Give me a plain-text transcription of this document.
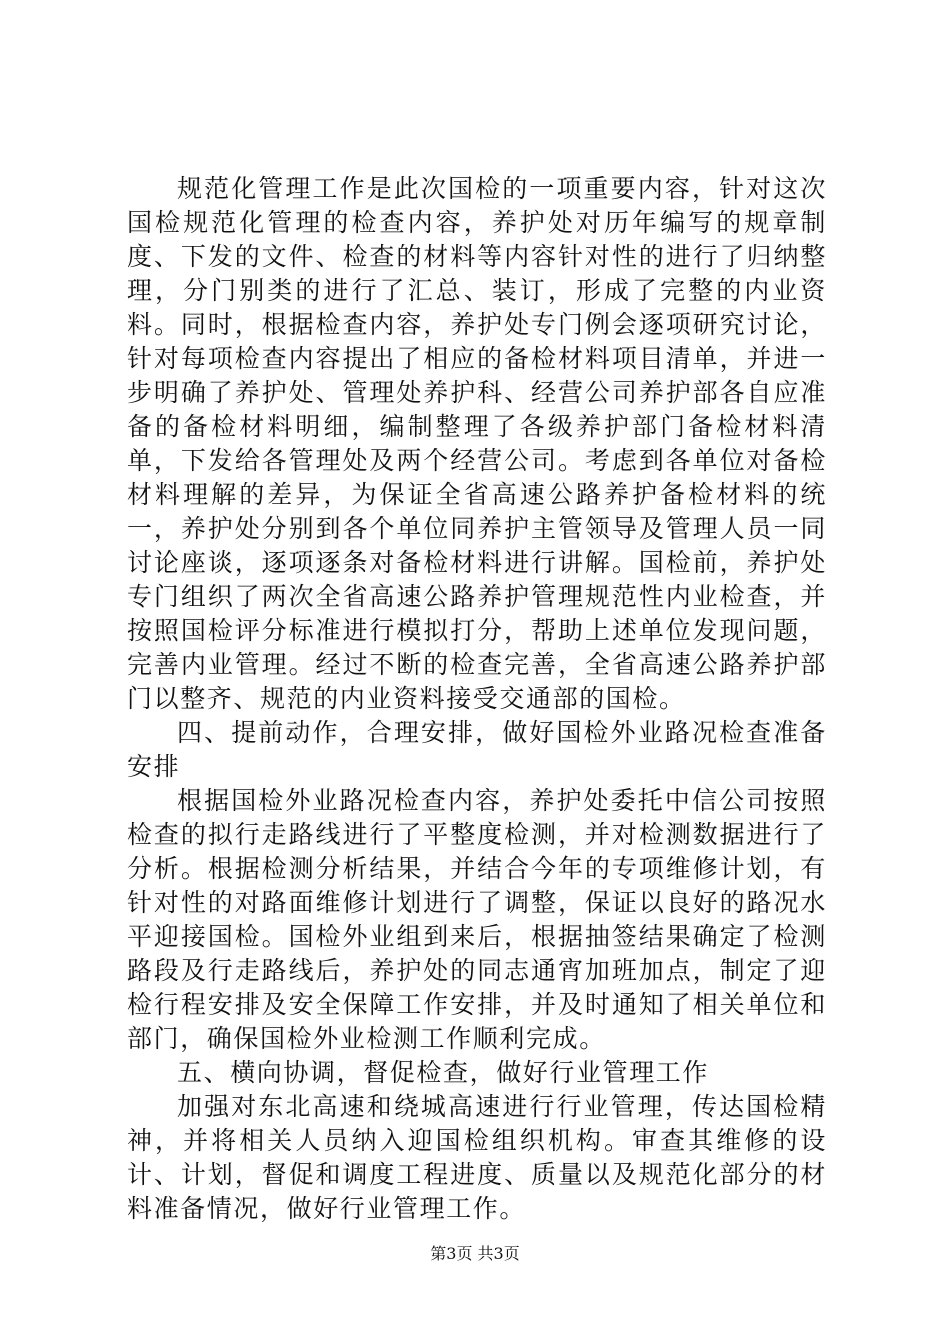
规范化管理工作是此次国检的一项重要内容，针对这次国检规范化管理的检查内容，养护处对历年编写的规章制度、下发的文件、检查的材料等内容针对性的进行了归纳整理，分门别类的进行了汇总、装订，形成了完整的内业资料。同时，根据检查内容，养护处专门例会逐项研究讨论，针对每项检查内容提出了相应的备检材料项目清单，并进一步明确了养护处、管理处养护科、经营公司养护部各自应准备的备检材料明细，编制整理了各级养护部门备检材料清单，下发给各管理处及两个经营公司。考虑到各单位对备检材料理解的差异，为保证全省高速公路养护备检材料的统一，养护处分别到各个单位同养护主管领导及管理人员一同讨论座谈，逐项逐条对备检材料进行讲解。国检前，养护处专门组织了两次全省高速公路养护管理规范性内业检查，并按照国检评分标准进行模拟打分，帮助上述单位发现问题，完善内业管理。经过不断的检查完善，全省高速公路养护部门以整齐、规范的内业资料接受交通部的国检。

四、提前动作，合理安排，做好国检外业路况检查准备安排

根据国检外业路况检查内容，养护处委托中信公司按照检查的拟行走路线进行了平整度检测，并对检测数据进行了分析。根据检测分析结果，并结合今年的专项维修计划，有针对性的对路面维修计划进行了调整，保证以良好的路况水平迎接国检。国检外业组到来后，根据抽签结果确定了检测路段及行走路线后，养护处的同志通宵加班加点，制定了迎检行程安排及安全保障工作安排，并及时通知了相关单位和部门，确保国检外业检测工作顺利完成。

五、横向协调，督促检查，做好行业管理工作

加强对东北高速和绕城高速进行行业管理，传达国检精神，并将相关人员纳入迎国检组织机构。审查其维修的设计、计划，督促和调度工程进度、质量以及规范化部分的材料准备情况，做好行业管理工作。

第3页 共3页
